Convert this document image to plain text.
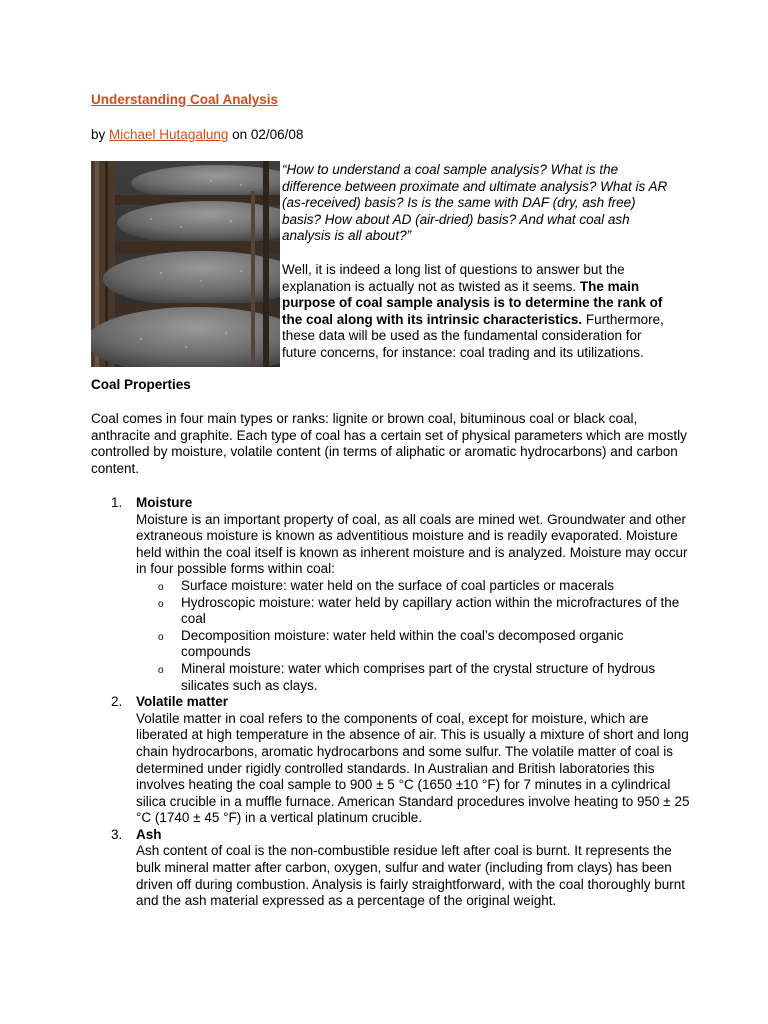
Understanding Coal Analysis
by Michael Hutagalung on 02/06/08

“How to understand a coal sample analysis? What is the difference between proximate and ultimate analysis? What is AR (as-received) basis? Is is the same with DAF (dry, ash free) basis? How about AD (air-dried) basis? And what coal ash analysis is all about?”

Well, it is indeed a long list of questions to answer but the explanation is actually not as twisted as it seems. The main purpose of coal sample analysis is to determine the rank of the coal along with its intrinsic characteristics. Furthermore, these data will be used as the fundamental consideration for future concerns, for instance: coal trading and its utilizations.

Coal Properties

Coal comes in four main types or ranks: lignite or brown coal, bituminous coal or black coal, anthracite and graphite. Each type of coal has a certain set of physical parameters which are mostly controlled by moisture, volatile content (in terms of aliphatic or aromatic hydrocarbons) and carbon content.

1. Moisture

Moisture is an important property of coal, as all coals are mined wet. Groundwater and other extraneous moisture is known as adventitious moisture and is readily evaporated. Moisture held within the coal itself is known as inherent moisture and is analyzed. Moisture may occur in four possible forms within coal:

o Surface moisture: water held on the surface of coal particles or macerals
o Hydroscopic moisture: water held by capillary action within the microfractures of the coal
o Decomposition moisture: water held within the coal’s decomposed organic compounds
o Mineral moisture: water which comprises part of the crystal structure of hydrous silicates such as clays.
2. Volatile matter

Volatile matter in coal refers to the components of coal, except for moisture, which are liberated at high temperature in the absence of air. This is usually a mixture of short and long chain hydrocarbons, aromatic hydrocarbons and some sulfur. The volatile matter of coal is determined under rigidly controlled standards. In Australian and British laboratories this involves heating the coal sample to 900 ± 5 °C (1650 ±10 °F) for 7 minutes in a cylindrical silica crucible in a muffle furnace. American Standard procedures involve heating to 950 ± 25 °C (1740 ± 45 °F) in a vertical platinum crucible.

3. Ash

Ash content of coal is the non-combustible residue left after coal is burnt. It represents the bulk mineral matter after carbon, oxygen, sulfur and water (including from clays) has been driven off during combustion. Analysis is fairly straightforward, with the coal thoroughly burnt and the ash material expressed as a percentage of the original weight.
